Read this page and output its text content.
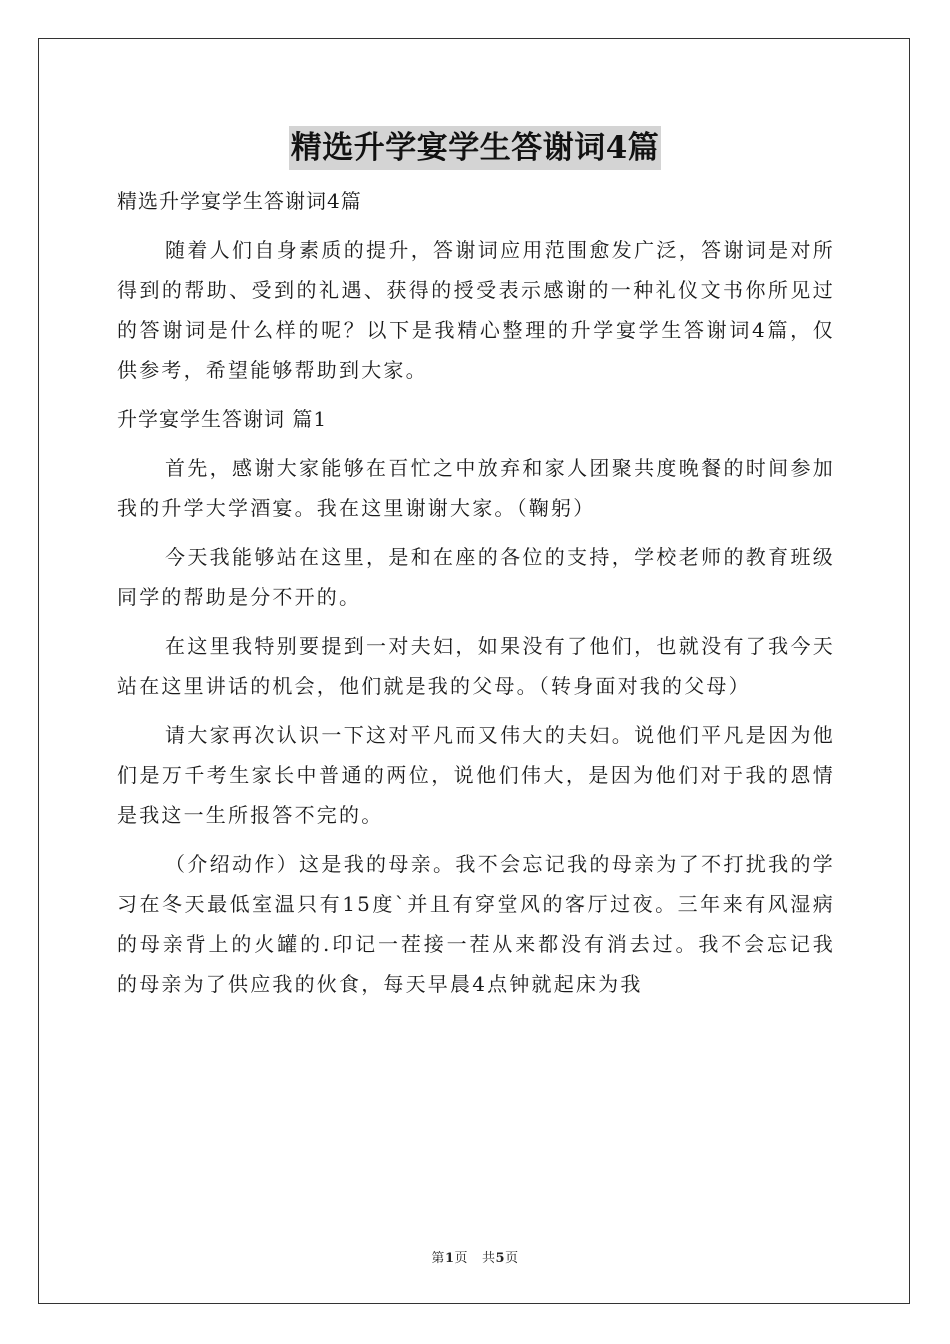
精选升学宴学生答谢词4篇

精选升学宴学生答谢词4篇

随着人们自身素质的提升，答谢词应用范围愈发广泛，答谢词是对所得到的帮助、受到的礼遇、获得的授受表示感谢的一种礼仪文书你所见过的答谢词是什么样的呢？以下是我精心整理的升学宴学生答谢词4篇，仅供参考，希望能够帮助到大家。

升学宴学生答谢词 篇1

首先，感谢大家能够在百忙之中放弃和家人团聚共度晚餐的时间参加我的升学大学酒宴。我在这里谢谢大家。（鞠躬）

今天我能够站在这里，是和在座的各位的支持，学校老师的教育班级同学的帮助是分不开的。

在这里我特别要提到一对夫妇，如果没有了他们，也就没有了我今天站在这里讲话的机会，他们就是我的父母。（转身面对我的父母）

请大家再次认识一下这对平凡而又伟大的夫妇。说他们平凡是因为他们是万千考生家长中普通的两位，说他们伟大，是因为他们对于我的恩情是我这一生所报答不完的。

（介绍动作）这是我的母亲。我不会忘记我的母亲为了不打扰我的学习在冬天最低室温只有15度`并且有穿堂风的客厅过夜。三年来有风湿病的母亲背上的火罐的.印记一茬接一茬从来都没有消去过。我不会忘记我的母亲为了供应我的伙食，每天早晨4点钟就起床为我

第1页 共5页
